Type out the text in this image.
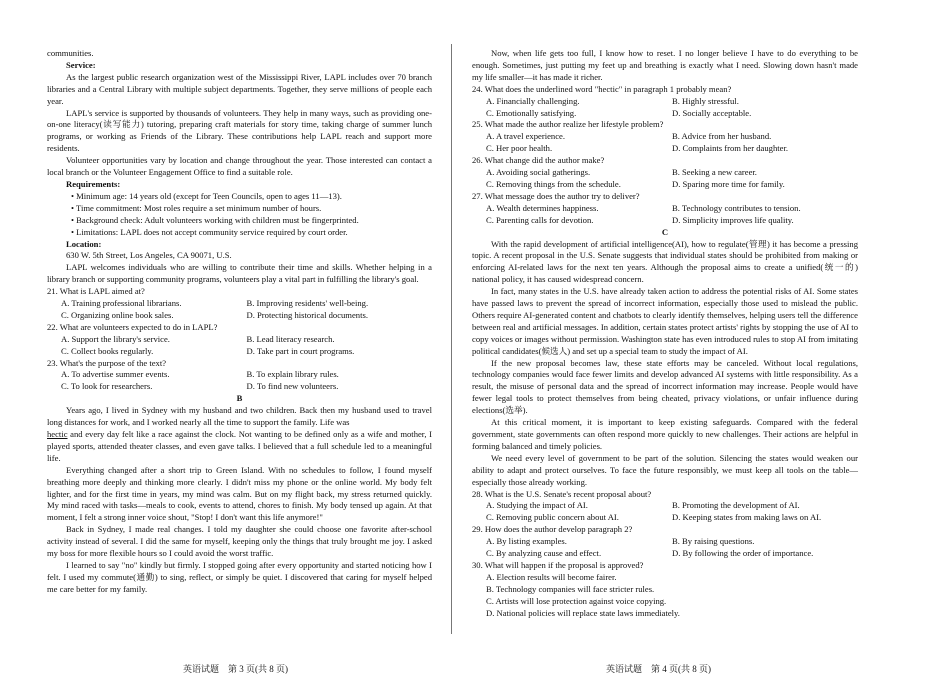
communities.

Service:

As the largest public research organization west of the Mississippi River, LAPL includes over 70 branch libraries and a Central Library with multiple subject departments. Together, they serve millions of people each year.

LAPL's service is supported by thousands of volunteers. They help in many ways, such as providing one-on-one literacy(读写能力) tutoring, preparing craft materials for story time, taking charge of summer lunch programs, or working as Friends of the Library. These contributions help LAPL reach and support more residents.

Volunteer opportunities vary by location and change throughout the year. Those interested can contact a local branch or the Volunteer Engagement Office to find a suitable role.

Requirements:

• Minimum age: 14 years old (except for Teen Councils, open to ages 11—13).

• Time commitment: Most roles require a set minimum number of hours.

• Background check: Adult volunteers working with children must be fingerprinted.

• Limitations: LAPL does not accept community service required by court order.

Location:

630 W. 5th Street, Los Angeles, CA 90071, U.S.

LAPL welcomes individuals who are willing to contribute their time and skills. Whether helping in a library branch or supporting community programs, volunteers play a vital part in fulfilling the library's goal.

21. What is LAPL aimed at?

A. Training professional librarians.	B. Improving residents' well-being.
C. Organizing online book sales.	D. Protecting historical documents.

22. What are volunteers expected to do in LAPL?

A. Support the library's service.	B. Lead literacy research.
C. Collect books regularly.	D. Take part in court programs.

23. What's the purpose of the text?

A. To advertise summer events.	B. To explain library rules.
C. To look for researchers.	D. To find new volunteers.

B

Years ago, I lived in Sydney with my husband and two children. Back then my husband used to travel long distances for work, and I worked nearly all the time to support the family. Life was
hectic and every day felt like a race against the clock. Not wanting to be defined only as a wife and mother, I played sports, attended theater classes, and even gave talks. I believed that a full schedule led to a meaningful life.

Everything changed after a short trip to Green Island. With no schedules to follow, I found myself breathing more deeply and thinking more clearly. I didn't miss my phone or the online world. My body felt lighter, and for the first time in years, my mind was calm. But on my flight back, my stress returned quickly. My mind raced with tasks—meals to cook, events to attend, chores to finish. My body tensed up again. At that moment, I felt a strong inner voice shout, "Stop! I don't want this life anymore!"

Back in Sydney, I made real changes. I told my daughter she could choose one favorite after-school activity instead of several. I did the same for myself, keeping only the things that truly brought me joy. I asked my boss for more flexible hours so I could avoid the worst traffic.

I learned to say "no" kindly but firmly. I stopped going after every opportunity and started noticing how I felt. I used my commute(通勤) to sing, reflect, or simply be quiet. I discovered that caring for myself helped me care better for my family.

Now, when life gets too full, I know how to reset. I no longer believe I have to do everything to be enough. Sometimes, just putting my feet up and breathing is exactly what I need. Slowing down hasn't made my life smaller—it has made it richer.

24. What does the underlined word "hectic" in paragraph 1 probably mean?

A. Financially challenging.	B. Highly stressful.
C. Emotionally satisfying.	D. Socially acceptable.

25. What made the author realize her lifestyle problem?

A. A travel experience.	B. Advice from her husband.
C. Her poor health.	D. Complaints from her daughter.

26. What change did the author make?

A. Avoiding social gatherings.	B. Seeking a new career.
C. Removing things from the schedule.	D. Sparing more time for family.

27. What message does the author try to deliver?

A. Wealth determines happiness.	B. Technology contributes to tension.
C. Parenting calls for devotion.	D. Simplicity improves life quality.

C

With the rapid development of artificial intelligence(AI), how to regulate(管理) it has become a pressing topic. A recent proposal in the U.S. Senate suggests that individual states should be prohibited from making or enforcing AI-related laws for the next ten years. Although the proposal aims to create a unified(统一的) national policy, it has caused widespread concern.

In fact, many states in the U.S. have already taken action to address the potential risks of AI. Some states have passed laws to prevent the spread of incorrect information, especially those used to mislead the public. Others require AI-generated content and chatbots to clearly identify themselves, helping users tell the difference between real and artificial messages. In addition, certain states protect artists' rights by stopping the use of AI to copy voices or images without permission. Washington state has even introduced rules to stop AI from imitating political candidates(候选人) and set up a special team to study the impact of AI.

If the new proposal becomes law, these state efforts may be canceled. Without local regulations, technology companies would face fewer limits and develop advanced AI systems with little responsibility. As a result, the misuse of personal data and the spread of incorrect information may increase. People would have fewer legal tools to protect themselves from being cheated, privacy violations, or unfair influence during elections(选举).

At this critical moment, it is important to keep existing safeguards. Compared with the federal government, state governments can often respond more quickly to new challenges. Their actions are helpful in forming balanced and timely policies.

We need every level of government to be part of the solution. Silencing the states would weaken our ability to adapt and protect ourselves. To face the future responsibly, we must keep all tools on the table—especially those already working.

28. What is the U.S. Senate's recent proposal about?

A. Studying the impact of AI.	B. Promoting the development of AI.
C. Removing public concern about AI.	D. Keeping states from making laws on AI.

29. How does the author develop paragraph 2?

A. By listing examples.	B. By raising questions.
C. By analyzing cause and effect.	D. By following the order of importance.

30. What will happen if the proposal is approved?

A. Election results will become fairer.
B. Technology companies will face stricter rules.
C. Artists will lose protection against voice copying.
D. National policies will replace state laws immediately.
英语试题　第 3 页(共 8 页)	英语试题　第 4 页(共 8 页)
